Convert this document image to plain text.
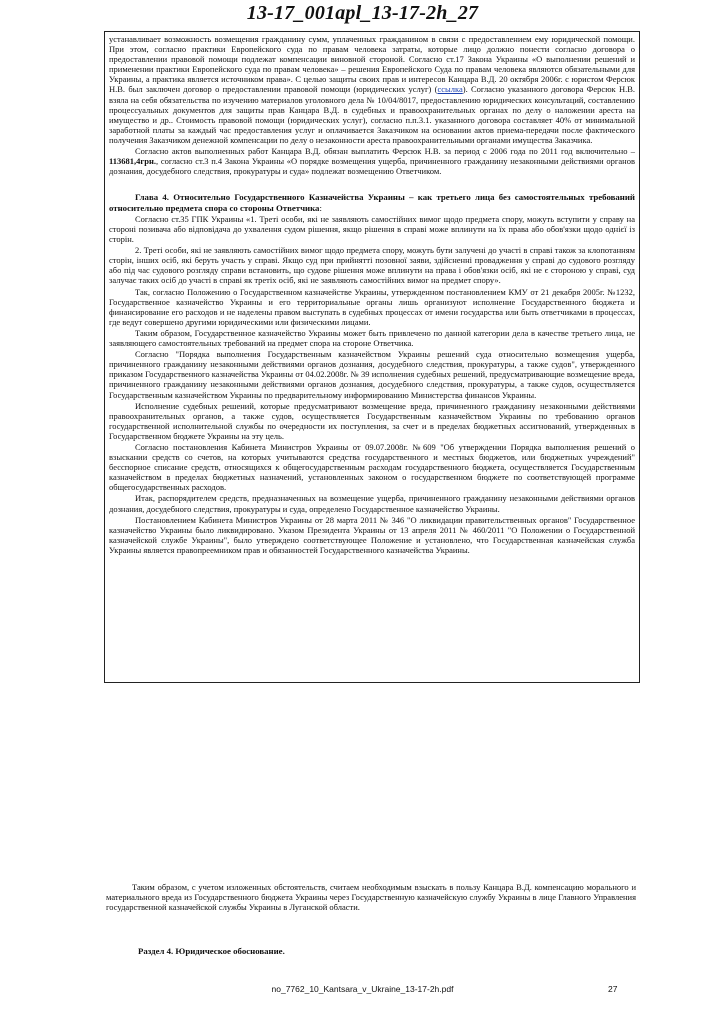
13-17_001apl_13-17-2h_27

устанавливает возможность возмещения гражданину сумм, уплаченных гражданином в связи с предоставлением ему юридической помощи. При этом, согласно практики Европейского суда по правам человека затраты, которые лицо должно понести согласно договора о предоставлении правовой помощи подлежат компенсации виновной стороной. Согласно ст.17 Закона Украины «О выполнении решений и применении практики Европейского суда по правам человека» – решения Европейского Суда по правам человека являются обязательными для Украины, а практика является источником права». С целью защиты своих прав и интересов Канцара В.Д. 20 октября 2006г. с юристом Ферсюк Н.В. был заключен договор о предоставлении правовой помощи (юридических услуг) (ссылка). Согласно указанного договора Ферсюк Н.В. взяла на себя обязательства по изучению материалов уголовного дела № 10/04/8017, предоставлению юридических консультаций, составлению процессуальных документов для защиты прав Канцара В.Д. в судебных и правоохранительных органах по делу о наложении ареста на имущество и др.. Стоимость правовой помощи (юридических услуг), согласно п.п.3.1. указанного договора составляет 40% от минимальной заработной платы за каждый час предоставления услуг и оплачивается Заказчиком на основании актов приема-передачи после фактического получения Заказчиком денежной компенсации по делу о незаконности ареста правоохранительными органами имущества Заказчика.

Согласно актов выполненных работ Канцара В.Д. обязан выплатить Ферсюк Н.В. за период с 2006 года по 2011 год включительно – 113681,4грн., согласно ст.3 п.4 Закона Украины «О порядке возмещения ущерба, причиненного гражданину незаконными действиями органов дознания, досудебного следствия, прокуратуры и суда» подлежат возмещению Ответчиком.

Глава 4. Относительно Государственного Казначейства Украины – как третьего лица без самостоятельных требований относительно предмета спора со стороны Ответчика:

Согласно ст.35 ГПК Украины «1. Треті особи, які не заявляють самостійних вимог щодо предмета спору, можуть вступити у справу на стороні позивача або відповідача до ухвалення судом рішення, якщо рішення в справі може вплинути на їх права або обов'язки щодо однієї із сторін.

2. Треті особи, які не заявляють самостійних вимог щодо предмета спору, можуть бути залучені до участі в справі також за клопотанням сторін, інших осіб, які беруть участь у справі. Якщо суд при прийнятті позовної заяви, здійсненні провадження у справі до судового розгляду або під час судового розгляду справи встановить, що судове рішення може вплинути на права і обов'язки осіб, які не є стороною у справі, суд залучає таких осіб до участі в справі як третіх осіб, які не заявляють самостійних вимог на предмет спору».

Так, согласно Положению о Государственном казначействе Украины, утвержденном постановлением КМУ от 21 декабря 2005г. №1232, Государственное казначейство Украины и его территориальные органы лишь организуют исполнение Государственного бюджета и финансирование его расходов и не наделены правом выступать в судебных процессах от имени государства или быть ответчиками в процессах, где ведут совершено другими юридическими или физическими лицами.

Таким образом, Государственное казначейство Украины может быть привлечено по данной категории дела в качестве третьего лица, не заявляющего самостоятельных требований на предмет спора на стороне Ответчика.

Согласно "Порядка выполнения Государственным казначейством Украины решений суда относительно возмещения ущерба, причиненного гражданину незаконными действиями органов дознания, досудебного следствия, прокуратуры, а также судов", утвержденного приказом Государственного казначейства Украины от 04.02.2008г. № 39 исполнения судебных решений, предусматривающие возмещение вреда, причиненного гражданину незаконными действиями органов дознания, досудебного следствия, прокуратуры, а также судов, осуществляется Государственным казначейством Украины по предварительному информированию Министерства финансов Украины.

Исполнение судебных решений, которые предусматривают возмещение вреда, причиненного гражданину незаконными действиями правоохранительных органов, а также судов, осуществляется Государственным казначейством Украины по требованию органов государственной исполнительной службы по очередности их поступления, за счет и в пределах бюджетных ассигнований, утвержденных в Государственном бюджете Украины на эту цель.

Согласно постановления Кабинета Министров Украины от 09.07.2008г. №609 "Об утверждении Порядка выполнения решений о взыскании средств со счетов, на которых учитываются средства государственного и местных бюджетов, или бюджетных учреждений" бесспорное списание средств, относящихся к общегосударственным расходам государственного бюджета, осуществляется Государственным казначейством в пределах бюджетных назначений, установленных законом о государственном бюджете по соответствующей программе общегосударственных расходов.

Итак, распорядителем средств, предназначенных на возмещение ущерба, причиненного гражданину незаконными действиями органов дознания, досудебного следствия, прокуратуры и суда, определено Государственное казначейство Украины.

Постановлением Кабинета Министров Украины от 28 марта 2011 № 346 "О ликвидации правительственных органов" Государственное казначейство Украины было ликвидировано. Указом Президента Украины от 13 апреля 2011 № 460/2011 "О Положении о Государственной казначейской службе Украины", было утверждено соответствующее Положение и установлено, что Государственная казначейская служба Украины является правопреемником прав и обязанностей Государственного казначейства Украины.

Таким образом, с учетом изложенных обстоятельств, считаем необходимым взыскать в пользу Канцара В.Д. компенсацию морального и материального вреда из Государственного бюджета Украины через Государственную казначейскую службу Украины в лице Главного Управления государственной казначейской службы Украины в Луганской области.

Раздел 4. Юридическое обоснование.

no_7762_10_Kantsara_v_Ukraine_13-17-2h.pdf	27
